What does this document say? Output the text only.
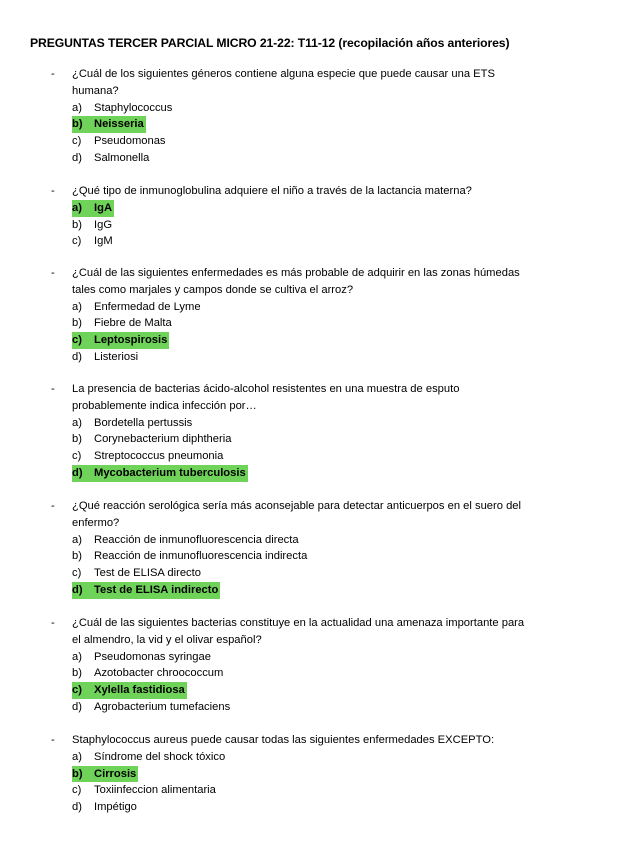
PREGUNTAS TERCER PARCIAL MICRO 21-22: T11-12 (recopilación años anteriores)
- ¿Cuál de los siguientes géneros contiene alguna especie que puede causar una ETS humana?
a) Staphylococcus
b) Neisseria
c) Pseudomonas
d) Salmonella
- ¿Qué tipo de inmunoglobulina adquiere el niño a través de la lactancia materna?
a) IgA
b) IgG
c) IgM
- ¿Cuál de las siguientes enfermedades es más probable de adquirir en las zonas húmedas tales como marjales y campos donde se cultiva el arroz?
a) Enfermedad de Lyme
b) Fiebre de Malta
c) Leptospirosis
d) Listeriosi
- La presencia de bacterias ácido-alcohol resistentes en una muestra de esputo probablemente indica infección por…
a) Bordetella pertussis
b) Corynebacterium diphtheria
c) Streptococcus pneumonia
d) Mycobacterium tuberculosis
- ¿Qué reacción serológica sería más aconsejable para detectar anticuerpos en el suero del enfermo?
a) Reacción de inmunofluorescencia directa
b) Reacción de inmunofluorescencia indirecta
c) Test de ELISA directo
d) Test de ELISA indirecto
- ¿Cuál de las siguientes bacterias constituye en la actualidad una amenaza importante para el almendro, la vid y el olivar español?
a) Pseudomonas syringae
b) Azotobacter chroococcum
c) Xylella fastidiosa
d) Agrobacterium tumefaciens
- Staphylococcus aureus puede causar todas las siguientes enfermedades EXCEPTO:
a) Síndrome del shock tóxico
b) Cirrosis
c) Toxiinfeccion alimentaria
d) Impétigo
